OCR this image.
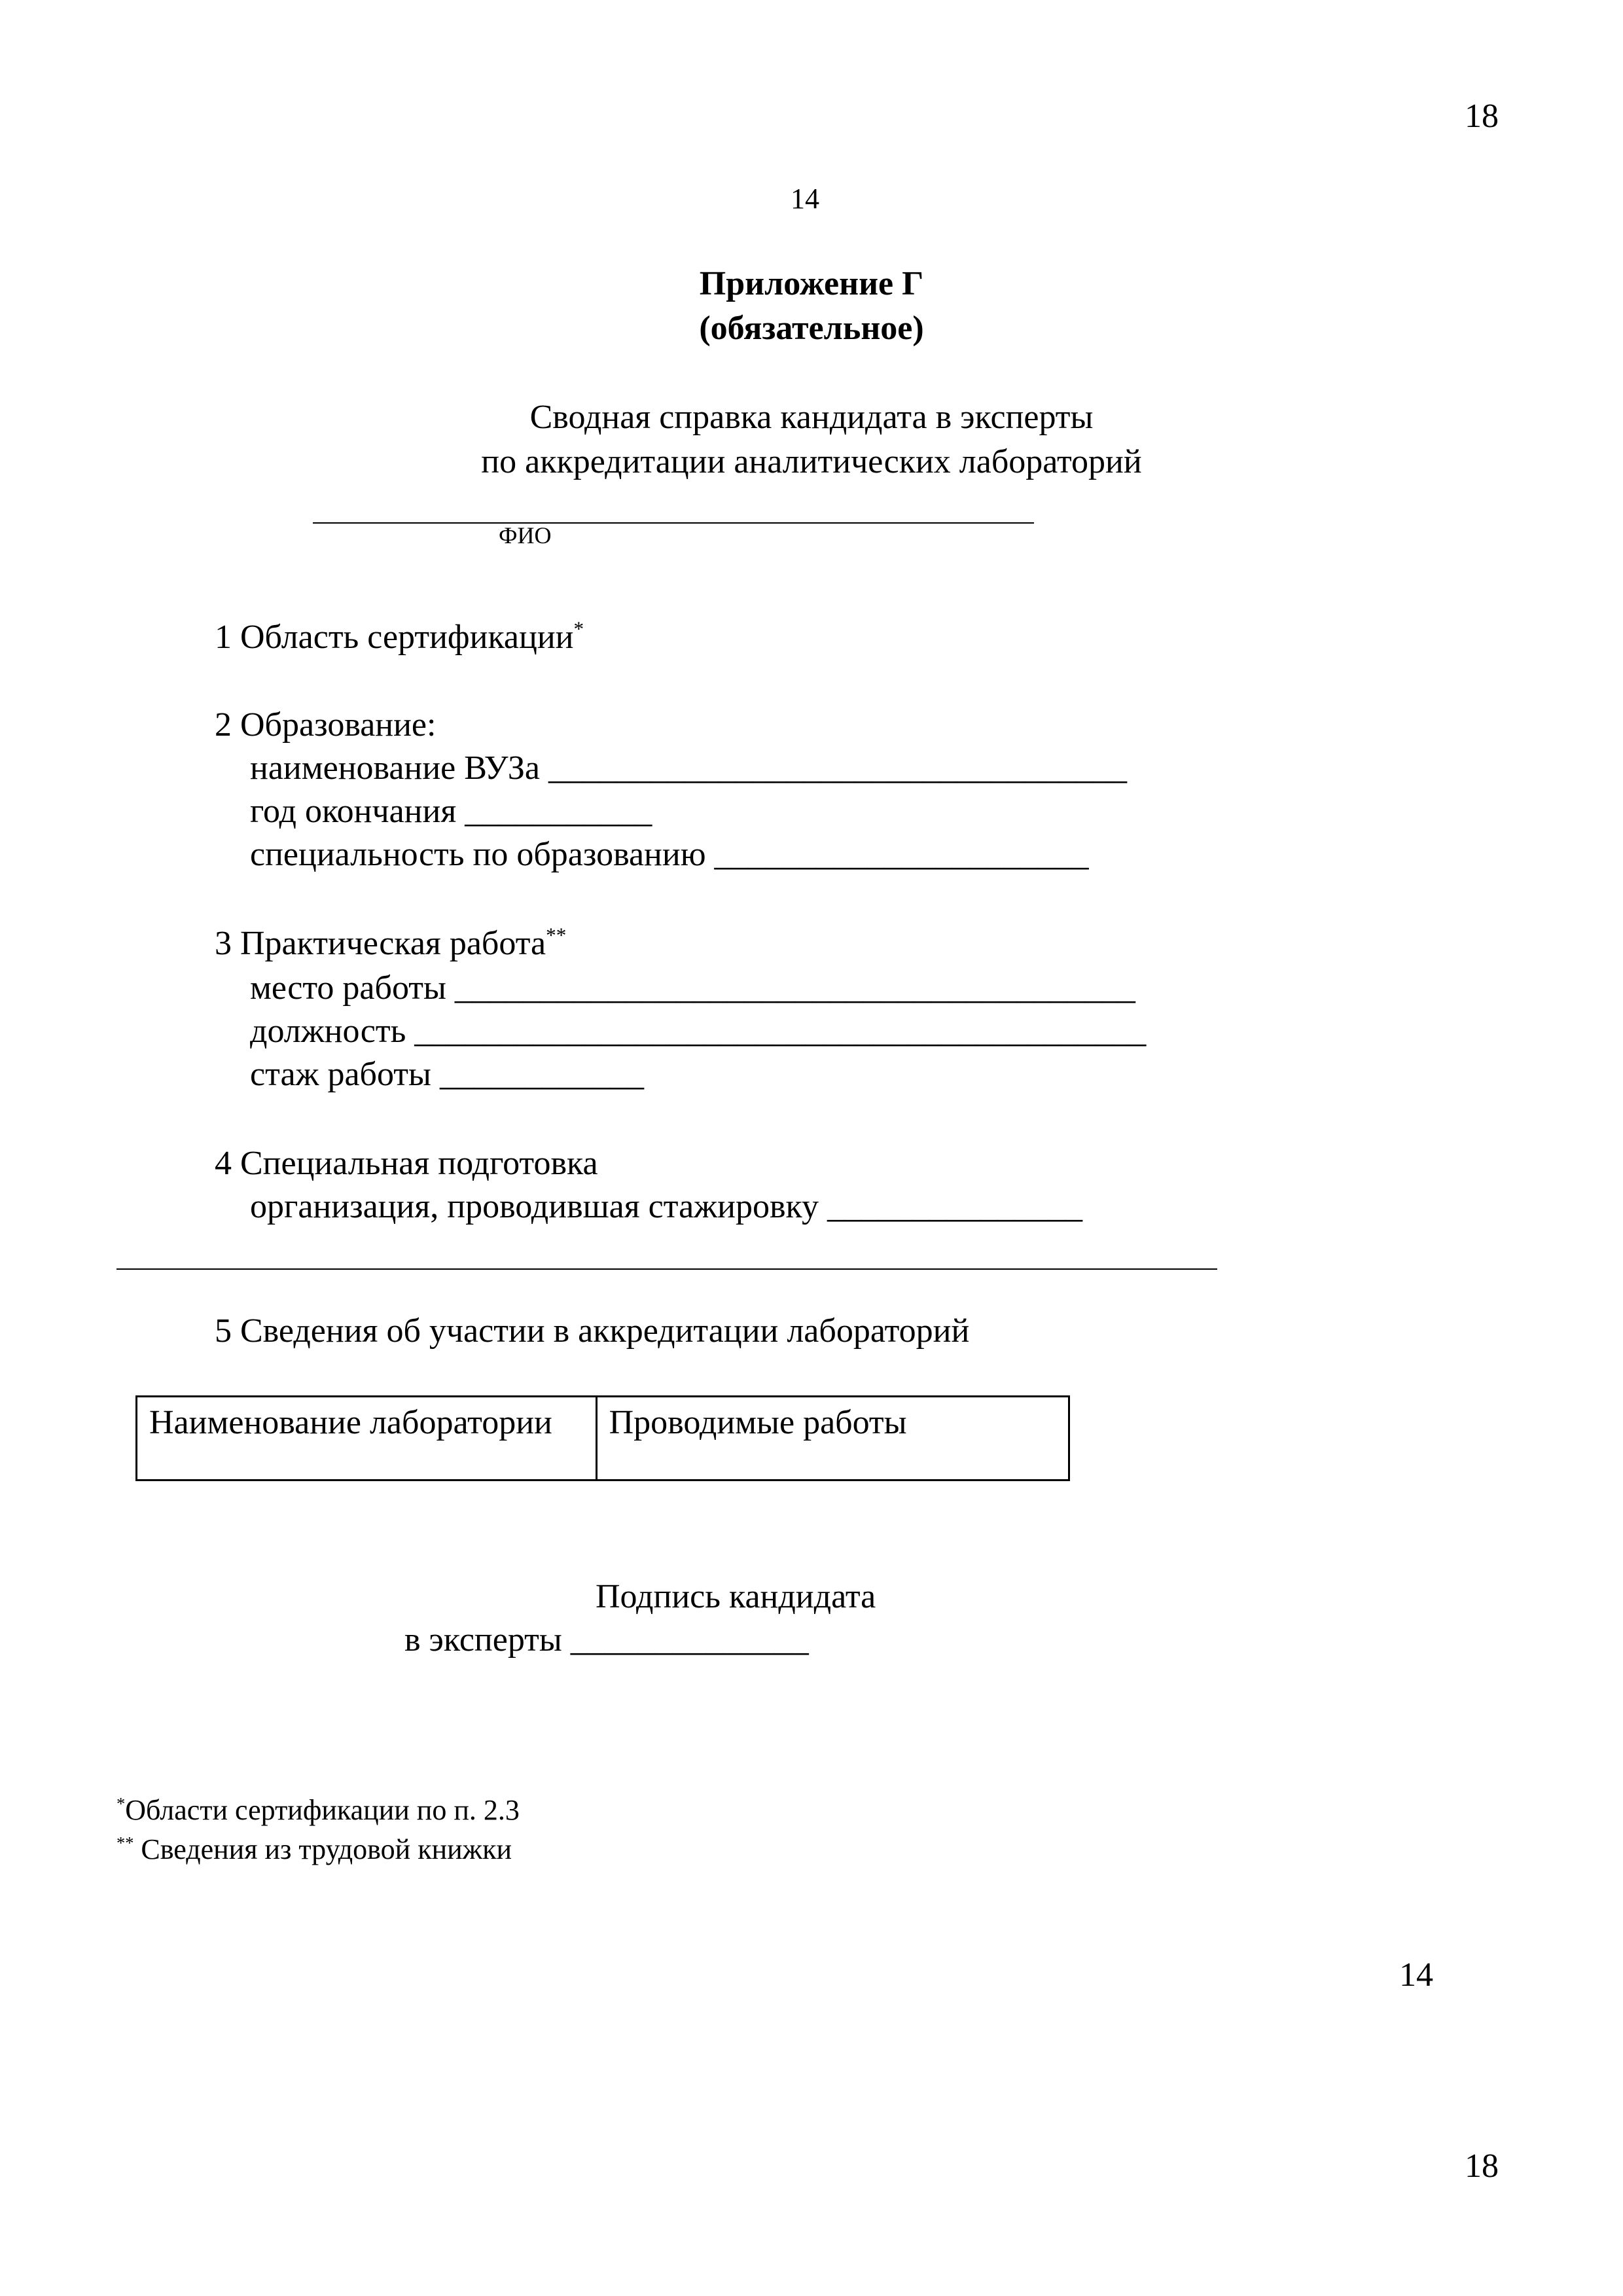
18
14
Приложение Г
(обязательное)
Сводная справка кандидата в эксперты
по аккредитации аналитических лабораторий
ФИО
1 Область сертификации*
2 Образование:
наименование ВУЗа __________________________________
год окончания ___________
специальность по образованию ______________________
3 Практическая работа**
место работы ________________________________________
должность ___________________________________________
стаж работы ____________
4 Специальная подготовка
организация, проводившая стажировку _______________
5 Сведения об участии в аккредитации лабораторий
Наименование лаборатории	Проводимые работы
Подпись кандидата
в эксперты ______________
*Области сертификации по п. 2.3
** Сведения из трудовой книжки
14
18
